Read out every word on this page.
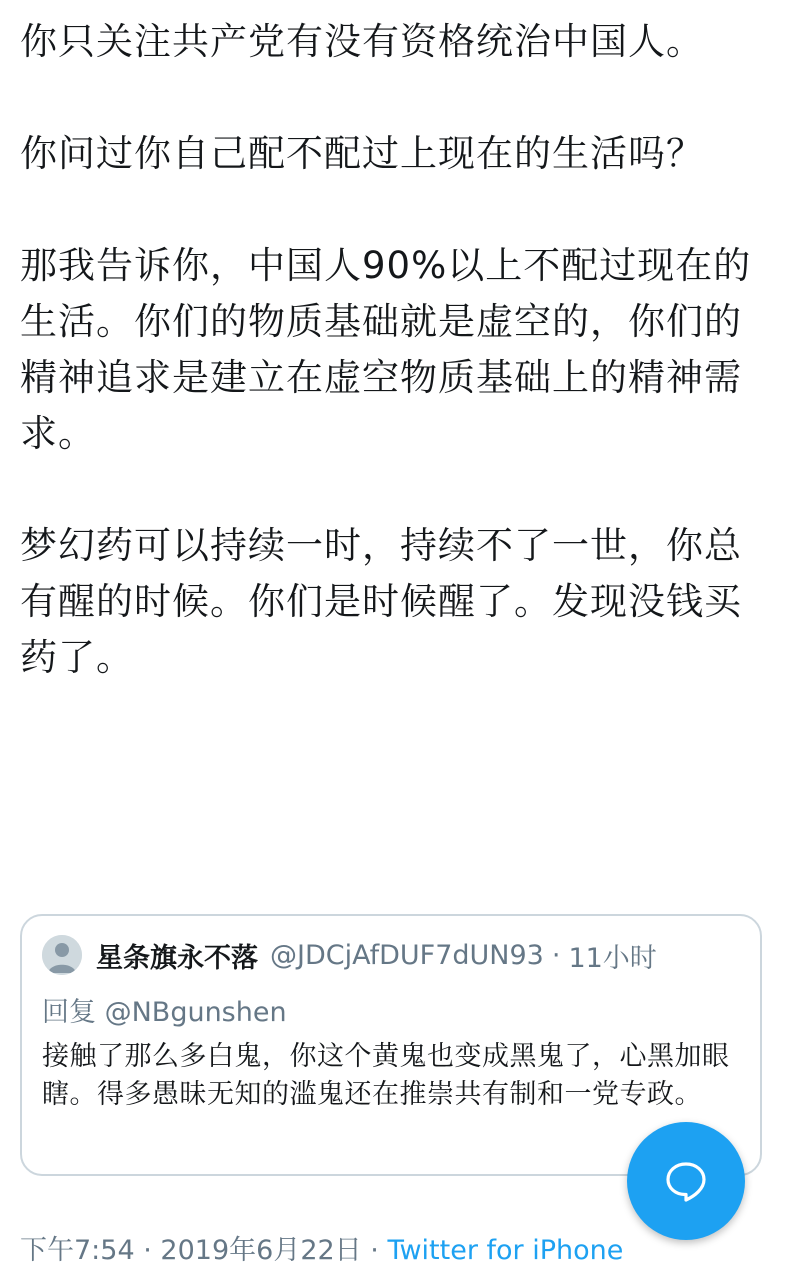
你只关注共产党有没有资格统治中国人。

你问过你自己配不配过上现在的生活吗？

那我告诉你，中国人90%以上不配过现在的生活。你们的物质基础就是虚空的，你们的精神追求是建立在虚空物质基础上的精神需求。

梦幻药可以持续一时，持续不了一世，你总有醒的时候。你们是时候醒了。发现没钱买药了。

星条旗永不落 @JDCjAfDUF7dUN93 · 11小时
回复 @NBgunshen
接触了那么多白鬼，你这个黄鬼也变成黑鬼了，心黑加眼瞎。得多愚昧无知的滥鬼还在推崇共有制和一党专政。
下午7:54 · 2019年6月22日 · Twitter for iPhone
